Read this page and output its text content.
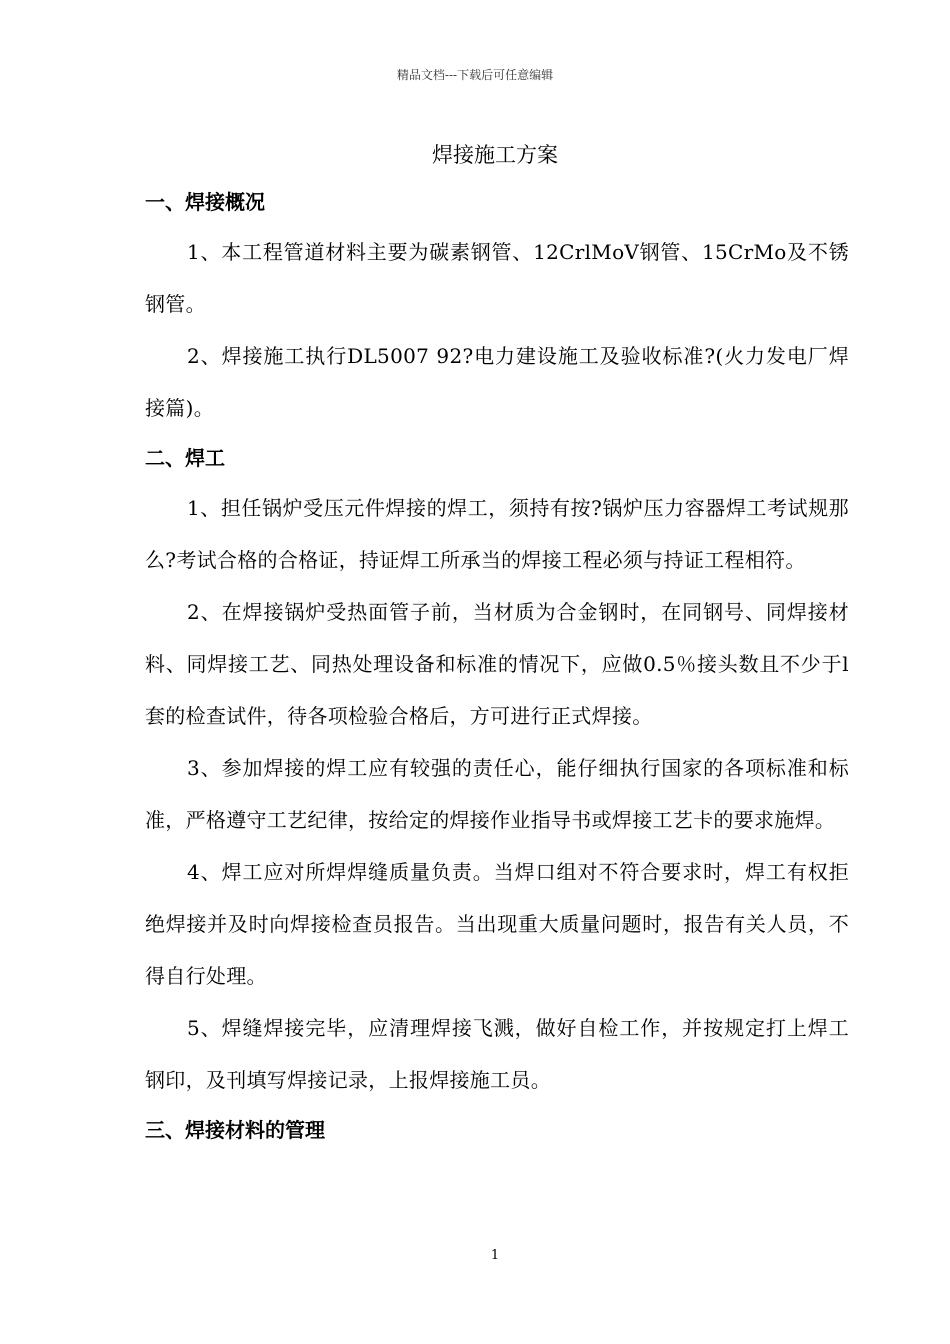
精品文档---下载后可任意编辑
焊接施工方案
一、焊接概况

1、本工程管道材料主要为碳素钢管、12CrlMoV钢管、15CrMo及不锈钢管。

2、焊接施工执行DL5007 92?电力建设施工及验收标准?(火力发电厂焊接篇)。

二、焊工

1、担任锅炉受压元件焊接的焊工，须持有按?锅炉压力容器焊工考试规那么?考试合格的合格证，持证焊工所承当的焊接工程必须与持证工程相符。

2、在焊接锅炉受热面管子前，当材质为合金钢时，在同钢号、同焊接材料、同焊接工艺、同热处理设备和标准的情况下，应做0.5％接头数且不少于l套的检查试件，待各项检验合格后，方可进行正式焊接。

3、参加焊接的焊工应有较强的责任心，能仔细执行国家的各项标准和标准，严格遵守工艺纪律，按给定的焊接作业指导书或焊接工艺卡的要求施焊。

4、焊工应对所焊焊缝质量负责。当焊口组对不符合要求时，焊工有权拒绝焊接并及时向焊接检查员报告。当出现重大质量问题时，报告有关人员，不得自行处理。

5、焊缝焊接完毕，应清理焊接飞溅，做好自检工作，并按规定打上焊工钢印，及刊填写焊接记录，上报焊接施工员。

三、焊接材料的管理
1
